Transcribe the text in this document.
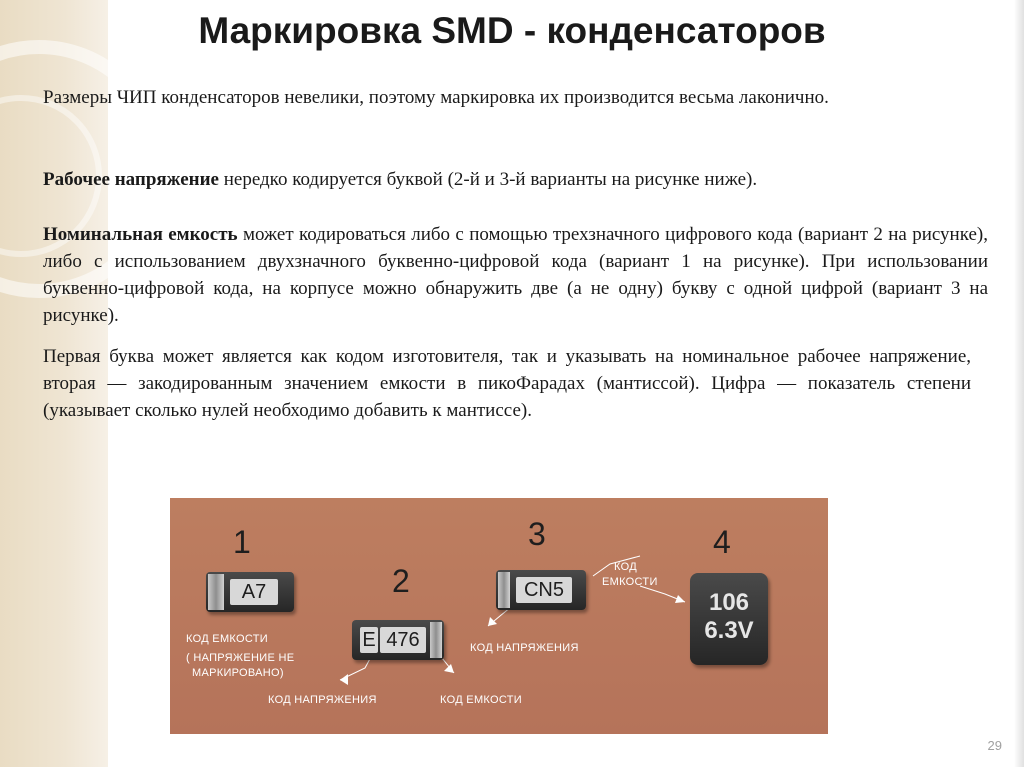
Маркировка SMD - конденсаторов

Размеры ЧИП конденсаторов невелики, поэтому маркировка их производится весьма лаконично.

Рабочее напряжение нередко кодируется буквой (2-й и 3-й варианты на рисунке ниже).

Номинальная емкость может кодироваться либо с помощью трехзначного цифрового кода (вариант 2 на рисунке), либо с использованием двухзначного буквенно-цифровой кода (вариант 1 на рисунке). При использовании буквенно-цифровой кода, на корпусе можно обнаружить две (а не одну) букву с одной цифрой (вариант 3 на рисунке).

Первая буква может является как кодом изготовителя, так и указывать на номинальное рабочее напряжение, вторая — закодированным значением емкости в пикоФарадах (мантиссой). Цифра — показатель степени (указывает сколько нулей необходимо добавить к мантиссе).

1
2
3	4
A7
E 476
CN5	106
6.3V
КОД ЕМКОСТИ
( НАПРЯЖЕНИЕ НЕ
МАРКИРОВАНО)
КОД НАПРЯЖЕНИЯ	КОД ЕМКОСТИ
КОД НАПРЯЖЕНИЯ
КОД
ЕМКОСТИ
29
